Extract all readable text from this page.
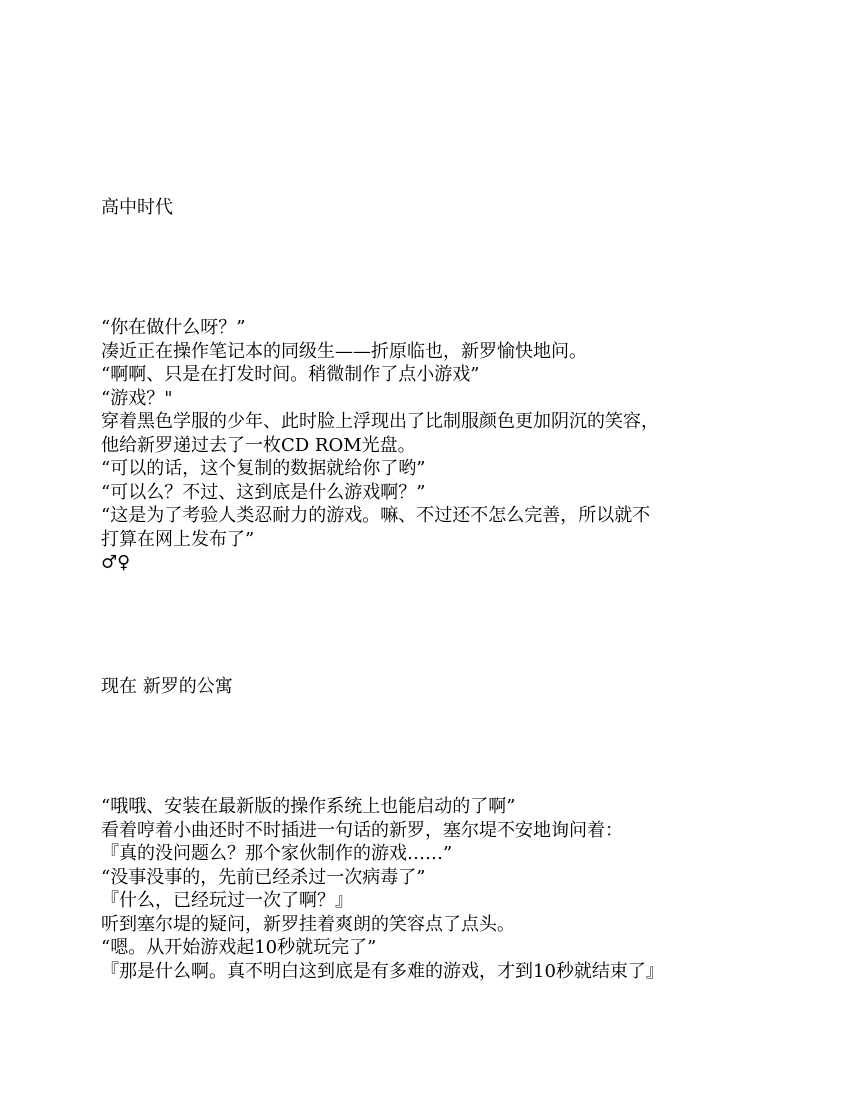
高中时代
“你在做什么呀？”
凑近正在操作笔记本的同级生——折原临也，新罗愉快地问。
“啊啊、只是在打发时间。稍微制作了点小游戏”
“游戏？"
穿着黑色学服的少年、此时脸上浮现出了比制服颜色更加阴沉的笑容，
他给新罗递过去了一枚CD ROM光盘。
“可以的话，这个复制的数据就给你了哟”
“可以么？不过、这到底是什么游戏啊？”
“这是为了考验人类忍耐力的游戏。嘛、不过还不怎么完善，所以就不
打算在网上发布了”
♂♀
现在 新罗的公寓
“哦哦、安装在最新版的操作系统上也能启动的了啊”
看着哼着小曲还时不时插进一句话的新罗，塞尔堤不安地询问着：
『真的没问题么？那个家伙制作的游戏……”
“没事没事的，先前已经杀过一次病毒了”
『什么，已经玩过一次了啊？』
听到塞尔堤的疑问，新罗挂着爽朗的笑容点了点头。
“嗯。从开始游戏起10秒就玩完了”
『那是什么啊。真不明白这到底是有多难的游戏，才到10秒就结束了』
